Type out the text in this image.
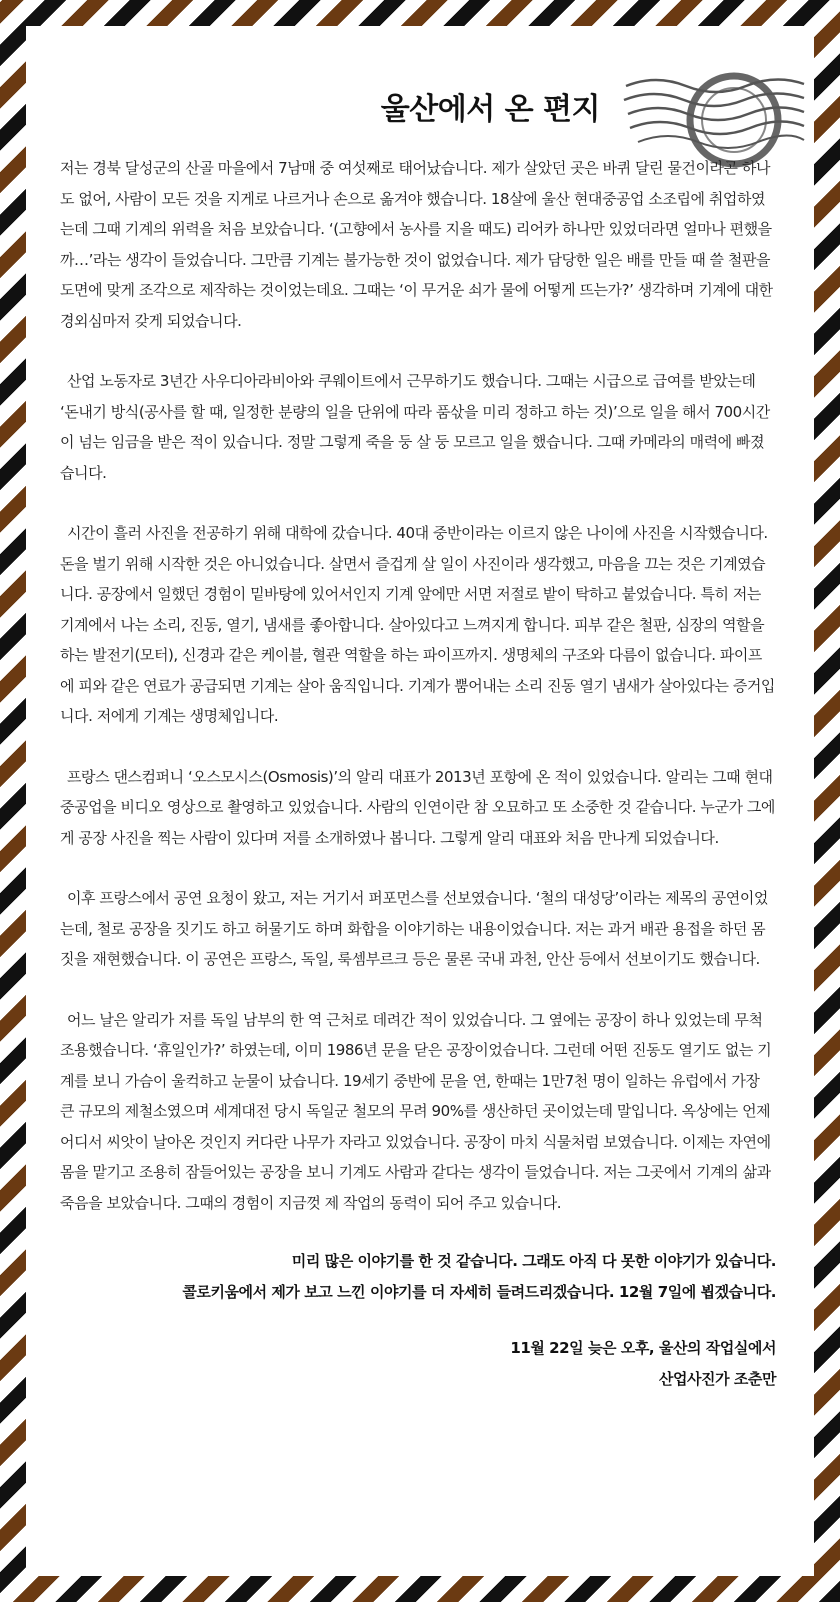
울산에서 온 편지

저는 경북 달성군의 산골 마을에서 7남매 중 여섯째로 태어났습니다. 제가 살았던 곳은 바퀴 달린 물건이라곤 하나도 없어, 사람이 모든 것을 지게로 나르거나 손으로 옮겨야 했습니다. 18살에 울산 현대중공업 소조립에 취업하였는데 그때 기계의 위력을 처음 보았습니다. ‘(고향에서 농사를 지을 때도) 리어카 하나만 있었더라면 얼마나 편했을까…’라는 생각이 들었습니다. 그만큼 기계는 불가능한 것이 없었습니다. 제가 담당한 일은 배를 만들 때 쓸 철판을 도면에 맞게 조각으로 제작하는 것이었는데요. 그때는 ‘이 무거운 쇠가 물에 어떻게 뜨는가?’ 생각하며 기계에 대한 경외심마저 갖게 되었습니다.

산업 노동자로 3년간 사우디아라비아와 쿠웨이트에서 근무하기도 했습니다. 그때는 시급으로 급여를 받았는데 ‘돈내기 방식(공사를 할 때, 일정한 분량의 일을 단위에 따라 품삯을 미리 정하고 하는 것)’으로 일을 해서 700시간이 넘는 임금을 받은 적이 있습니다. 정말 그렇게 죽을 둥 살 둥 모르고 일을 했습니다. 그때 카메라의 매력에 빠졌습니다.

시간이 흘러 사진을 전공하기 위해 대학에 갔습니다. 40대 중반이라는 이르지 않은 나이에 사진을 시작했습니다. 돈을 벌기 위해 시작한 것은 아니었습니다. 살면서 즐겁게 살 일이 사진이라 생각했고, 마음을 끄는 것은 기계였습니다. 공장에서 일했던 경험이 밑바탕에 있어서인지 기계 앞에만 서면 저절로 밭이 탁하고 붙었습니다. 특히 저는 기계에서 나는 소리, 진동, 열기, 냄새를 좋아합니다. 살아있다고 느껴지게 합니다. 피부 같은 철판, 심장의 역할을 하는 발전기(모터), 신경과 같은 케이블, 혈관 역할을 하는 파이프까지. 생명체의 구조와 다름이 없습니다. 파이프에 피와 같은 연료가 공급되면 기계는 살아 움직입니다. 기계가 뿜어내는 소리 진동 열기 냄새가 살아있다는 증거입니다. 저에게 기계는 생명체입니다.

프랑스 댄스컴퍼니 ‘오스모시스(Osmosis)’의 알리 대표가 2013년 포항에 온 적이 있었습니다. 알리는 그때 현대중공업을 비디오 영상으로 촬영하고 있었습니다. 사람의 인연이란 참 오묘하고 또 소중한 것 같습니다. 누군가 그에게 공장 사진을 찍는 사람이 있다며 저를 소개하였나 봅니다. 그렇게 알리 대표와 처음 만나게 되었습니다.

이후 프랑스에서 공연 요청이 왔고, 저는 거기서 퍼포먼스를 선보였습니다. ‘철의 대성당’이라는 제목의 공연이었는데, 철로 공장을 짓기도 하고 허물기도 하며 화합을 이야기하는 내용이었습니다. 저는 과거 배관 용접을 하던 몸짓을 재현했습니다. 이 공연은 프랑스, 독일, 룩셈부르크 등은 물론 국내 과천, 안산 등에서 선보이기도 했습니다.

어느 날은 알리가 저를 독일 남부의 한 역 근처로 데려간 적이 있었습니다. 그 옆에는 공장이 하나 있었는데 무척 조용했습니다. ‘휴일인가?’ 하였는데, 이미 1986년 문을 닫은 공장이었습니다. 그런데 어떤 진동도 열기도 없는 기계를 보니 가슴이 울컥하고 눈물이 났습니다. 19세기 중반에 문을 연, 한때는 1만7천 명이 일하는 유럽에서 가장 큰 규모의 제철소였으며 세계대전 당시 독일군 철모의 무려 90%를 생산하던 곳이었는데 말입니다. 옥상에는 언제 어디서 씨앗이 날아온 것인지 커다란 나무가 자라고 있었습니다. 공장이 마치 식물처럼 보였습니다. 이제는 자연에 몸을 맡기고 조용히 잠들어있는 공장을 보니 기계도 사람과 같다는 생각이 들었습니다. 저는 그곳에서 기계의 삶과 죽음을 보았습니다. 그때의 경험이 지금껏 제 작업의 동력이 되어 주고 있습니다.

미리 많은 이야기를 한 것 같습니다. 그래도 아직 다 못한 이야기가 있습니다.
콜로키움에서 제가 보고 느낀 이야기를 더 자세히 들려드리겠습니다. 12월 7일에 뵙겠습니다.
11월 22일 늦은 오후, 울산의 작업실에서
산업사진가 조춘만
